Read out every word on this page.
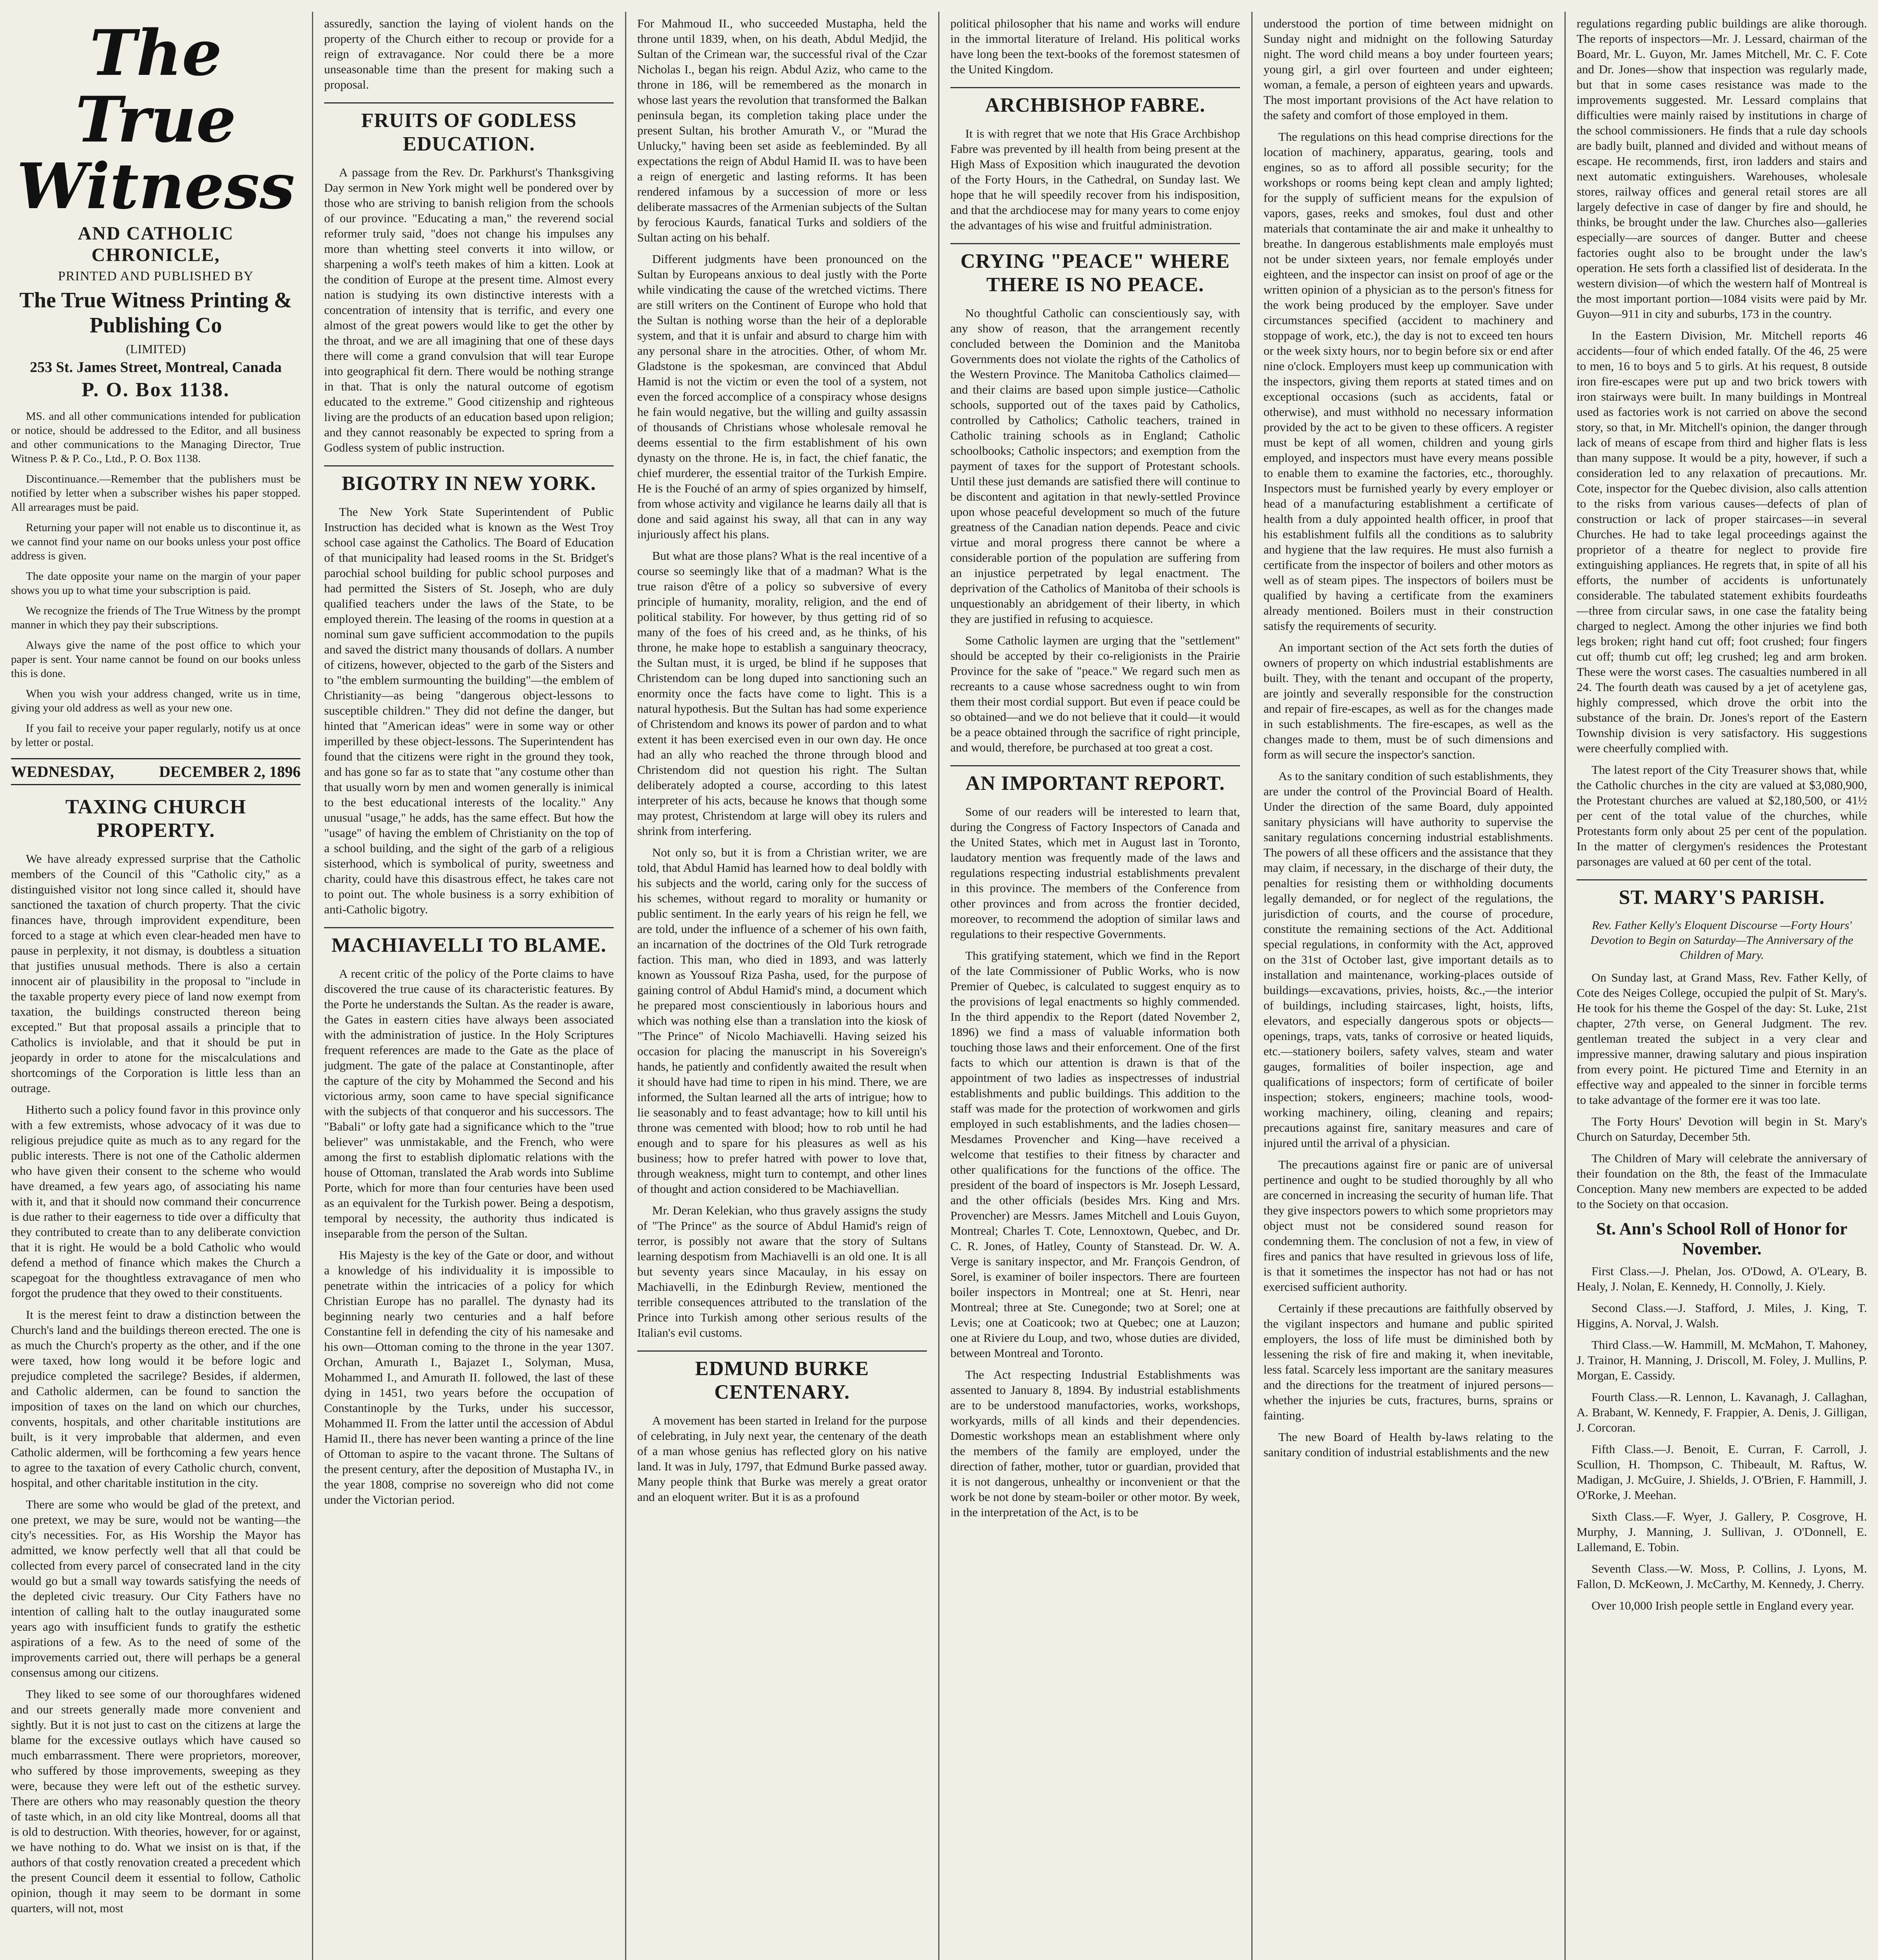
The True Witness
AND CATHOLIC CHRONICLE,
PRINTED AND PUBLISHED BY
The True Witness Printing & Publishing Co
(LIMITED)
253 St. James Street, Montreal, Canada
P. O. Box 1138.

MS. and all other communications intended for publication or notice, should be addressed to the Editor, and all business and other communications to the Managing Director, True Witness P. & P. Co., Ltd., P. O. Box 1138.

Discontinuance.—Remember that the publishers must be notified by letter when a subscriber wishes his paper stopped. All arrearages must be paid.

Returning your paper will not enable us to discontinue it, as we cannot find your name on our books unless your post office address is given.

The date opposite your name on the margin of your paper shows you up to what time your subscription is paid.

We recognize the friends of The True Witness by the prompt manner in which they pay their subscriptions.

Always give the name of the post office to which your paper is sent. Your name cannot be found on our books unless this is done.

When you wish your address changed, write us in time, giving your old address as well as your new one.

If you fail to receive your paper regularly, notify us at once by letter or postal.

WEDNESDAY,	DECEMBER 2, 1896
TAXING CHURCH PROPERTY.

We have already expressed surprise that the Catholic members of the Council of this "Catholic city," as a distinguished visitor not long since called it, should have sanctioned the taxation of church property. That the civic finances have, through improvident expenditure, been forced to a stage at which even clear-headed men have to pause in perplexity, it not dismay, is doubtless a situation that justifies unusual methods. There is also a certain innocent air of plausibility in the proposal to "include in the taxable property every piece of land now exempt from taxation, the buildings constructed thereon being excepted." But that proposal assails a principle that to Catholics is inviolable, and that it should be put in jeopardy in order to atone for the miscalculations and shortcomings of the Corporation is little less than an outrage.

Hitherto such a policy found favor in this province only with a few extremists, whose advocacy of it was due to religious prejudice quite as much as to any regard for the public interests. There is not one of the Catholic aldermen who have given their consent to the scheme who would have dreamed, a few years ago, of associating his name with it, and that it should now command their concurrence is due rather to their eagerness to tide over a difficulty that they contributed to create than to any deliberate conviction that it is right. He would be a bold Catholic who would defend a method of finance which makes the Church a scapegoat for the thoughtless extravagance of men who forgot the prudence that they owed to their constituents.

It is the merest feint to draw a distinction between the Church's land and the buildings thereon erected. The one is as much the Church's property as the other, and if the one were taxed, how long would it be before logic and prejudice completed the sacrilege? Besides, if aldermen, and Catholic aldermen, can be found to sanction the imposition of taxes on the land on which our churches, convents, hospitals, and other charitable institutions are built, is it very improbable that aldermen, and even Catholic aldermen, will be forthcoming a few years hence to agree to the taxation of every Catholic church, convent, hospital, and other charitable institution in the city.

There are some who would be glad of the pretext, and one pretext, we may be sure, would not be wanting—the city's necessities. For, as His Worship the Mayor has admitted, we know perfectly well that all that could be collected from every parcel of consecrated land in the city would go but a small way towards satisfying the needs of the depleted civic treasury. Our City Fathers have no intention of calling halt to the outlay inaugurated some years ago with insufficient funds to gratify the esthetic aspirations of a few. As to the need of some of the improvements carried out, there will perhaps be a general consensus among our citizens.

They liked to see some of our thoroughfares widened and our streets generally made more convenient and sightly. But it is not just to cast on the citizens at large the blame for the excessive outlays which have caused so much embarrassment. There were proprietors, moreover, who suffered by those improvements, sweeping as they were, because they were left out of the esthetic survey. There are others who may reasonably question the theory of taste which, in an old city like Montreal, dooms all that is old to destruction. With theories, however, for or against, we have nothing to do. What we insist on is that, if the authors of that costly renovation created a precedent which the present Council deem it essential to follow, Catholic opinion, though it may seem to be dormant in some quarters, will not, most

assuredly, sanction the laying of violent hands on the property of the Church either to recoup or provide for a reign of extravagance. Nor could there be a more unseasonable time than the present for making such a proposal.

FRUITS OF GODLESS EDUCATION.

A passage from the Rev. Dr. Parkhurst's Thanksgiving Day sermon in New York might well be pondered over by those who are striving to banish religion from the schools of our province. "Educating a man," the reverend social reformer truly said, "does not change his impulses any more than whetting steel converts it into willow, or sharpening a wolf's teeth makes of him a kitten. Look at the condition of Europe at the present time. Almost every nation is studying its own distinctive interests with a concentration of intensity that is terrific, and every one almost of the great powers would like to get the other by the throat, and we are all imagining that one of these days there will come a grand convulsion that will tear Europe into geographical fit dern. There would be nothing strange in that. That is only the natural outcome of egotism educated to the extreme." Good citizenship and righteous living are the products of an education based upon religion; and they cannot reasonably be expected to spring from a Godless system of public instruction.

BIGOTRY IN NEW YORK.

The New York State Superintendent of Public Instruction has decided what is known as the West Troy school case against the Catholics. The Board of Education of that municipality had leased rooms in the St. Bridget's parochial school building for public school purposes and had permitted the Sisters of St. Joseph, who are duly qualified teachers under the laws of the State, to be employed therein. The leasing of the rooms in question at a nominal sum gave sufficient accommodation to the pupils and saved the district many thousands of dollars. A number of citizens, however, objected to the garb of the Sisters and to "the emblem surmounting the building"—the emblem of Christianity—as being "dangerous object-lessons to susceptible children." They did not define the danger, but hinted that "American ideas" were in some way or other imperilled by these object-lessons. The Superintendent has found that the citizens were right in the ground they took, and has gone so far as to state that "any costume other than that usually worn by men and women generally is inimical to the best educational interests of the locality." Any unusual "usage," he adds, has the same effect. But how the "usage" of having the emblem of Christianity on the top of a school building, and the sight of the garb of a religious sisterhood, which is symbolical of purity, sweetness and charity, could have this disastrous effect, he takes care not to point out. The whole business is a sorry exhibition of anti-Catholic bigotry.

MACHIAVELLI TO BLAME.

A recent critic of the policy of the Porte claims to have discovered the true cause of its characteristic features. By the Porte he understands the Sultan. As the reader is aware, the Gates in eastern cities have always been associated with the administration of justice. In the Holy Scriptures frequent references are made to the Gate as the place of judgment. The gate of the palace at Constantinople, after the capture of the city by Mohammed the Second and his victorious army, soon came to have special significance with the subjects of that conqueror and his successors. The "Babali" or lofty gate had a significance which to the "true believer" was unmistakable, and the French, who were among the first to establish diplomatic relations with the house of Ottoman, translated the Arab words into Sublime Porte, which for more than four centuries have been used as an equivalent for the Turkish power. Being a despotism, temporal by necessity, the authority thus indicated is inseparable from the person of the Sultan.

His Majesty is the key of the Gate or door, and without a knowledge of his individuality it is impossible to penetrate within the intricacies of a policy for which Christian Europe has no parallel. The dynasty had its beginning nearly two centuries and a half before Constantine fell in defending the city of his namesake and his own—Ottoman coming to the throne in the year 1307. Orchan, Amurath I., Bajazet I., Solyman, Musa, Mohammed I., and Amurath II. followed, the last of these dying in 1451, two years before the occupation of Constantinople by the Turks, under his successor, Mohammed II. From the latter until the accession of Abdul Hamid II., there has never been wanting a prince of the line of Ottoman to aspire to the vacant throne. The Sultans of the present century, after the deposition of Mustapha IV., in the year 1808, comprise no sovereign who did not come under the Victorian period.

For Mahmoud II., who succeeded Mustapha, held the throne until 1839, when, on his death, Abdul Medjid, the Sultan of the Crimean war, the successful rival of the Czar Nicholas I., began his reign. Abdul Aziz, who came to the throne in 186, will be remembered as the monarch in whose last years the revolution that transformed the Balkan peninsula began, its completion taking place under the present Sultan, his brother Amurath V., or "Murad the Unlucky," having been set aside as feebleminded. By all expectations the reign of Abdul Hamid II. was to have been a reign of energetic and lasting reforms. It has been rendered infamous by a succession of more or less deliberate massacres of the Armenian subjects of the Sultan by ferocious Kaurds, fanatical Turks and soldiers of the Sultan acting on his behalf.

Different judgments have been pronounced on the Sultan by Europeans anxious to deal justly with the Porte while vindicating the cause of the wretched victims. There are still writers on the Continent of Europe who hold that the Sultan is nothing worse than the heir of a deplorable system, and that it is unfair and absurd to charge him with any personal share in the atrocities. Other, of whom Mr. Gladstone is the spokesman, are convinced that Abdul Hamid is not the victim or even the tool of a system, not even the forced accomplice of a conspiracy whose designs he fain would negative, but the willing and guilty assassin of thousands of Christians whose wholesale removal he deems essential to the firm establishment of his own dynasty on the throne. He is, in fact, the chief fanatic, the chief murderer, the essential traitor of the Turkish Empire. He is the Fouché of an army of spies organized by himself, from whose activity and vigilance he learns daily all that is done and said against his sway, all that can in any way injuriously affect his plans.

But what are those plans? What is the real incentive of a course so seemingly like that of a madman? What is the true raison d'être of a policy so subversive of every principle of humanity, morality, religion, and the end of political stability. For however, by thus getting rid of so many of the foes of his creed and, as he thinks, of his throne, he make hope to establish a sanguinary theocracy, the Sultan must, it is urged, be blind if he supposes that Christendom can be long duped into sanctioning such an enormity once the facts have come to light. This is a natural hypothesis. But the Sultan has had some experience of Christendom and knows its power of pardon and to what extent it has been exercised even in our own day. He once had an ally who reached the throne through blood and Christendom did not question his right. The Sultan deliberately adopted a course, according to this latest interpreter of his acts, because he knows that though some may protest, Christendom at large will obey its rulers and shrink from interfering.

Not only so, but it is from a Christian writer, we are told, that Abdul Hamid has learned how to deal boldly with his subjects and the world, caring only for the success of his schemes, without regard to morality or humanity or public sentiment. In the early years of his reign he fell, we are told, under the influence of a schemer of his own faith, an incarnation of the doctrines of the Old Turk retrograde faction. This man, who died in 1893, and was latterly known as Youssouf Riza Pasha, used, for the purpose of gaining control of Abdul Hamid's mind, a document which he prepared most conscientiously in laborious hours and which was nothing else than a translation into the kiosk of "The Prince" of Nicolo Machiavelli. Having seized his occasion for placing the manuscript in his Sovereign's hands, he patiently and confidently awaited the result when it should have had time to ripen in his mind. There, we are informed, the Sultan learned all the arts of intrigue; how to lie seasonably and to feast advantage; how to kill until his throne was cemented with blood; how to rob until he had enough and to spare for his pleasures as well as his business; how to prefer hatred with power to love that, through weakness, might turn to contempt, and other lines of thought and action considered to be Machiavellian.

Mr. Deran Kelekian, who thus gravely assigns the study of "The Prince" as the source of Abdul Hamid's reign of terror, is possibly not aware that the story of Sultans learning despotism from Machiavelli is an old one. It is all but seventy years since Macaulay, in his essay on Machiavelli, in the Edinburgh Review, mentioned the terrible consequences attributed to the translation of the Prince into Turkish among other serious results of the Italian's evil customs.

EDMUND BURKE CENTENARY.

A movement has been started in Ireland for the purpose of celebrating, in July next year, the centenary of the death of a man whose genius has reflected glory on his native land. It was in July, 1797, that Edmund Burke passed away. Many people think that Burke was merely a great orator and an eloquent writer. But it is as a profound

political philosopher that his name and works will endure in the immortal literature of Ireland. His political works have long been the text-books of the foremost statesmen of the United Kingdom.

ARCHBISHOP FABRE.

It is with regret that we note that His Grace Archbishop Fabre was prevented by ill health from being present at the High Mass of Exposition which inaugurated the devotion of the Forty Hours, in the Cathedral, on Sunday last. We hope that he will speedily recover from his indisposition, and that the archdiocese may for many years to come enjoy the advantages of his wise and fruitful administration.

CRYING "PEACE" WHERE THERE IS NO PEACE.

No thoughtful Catholic can conscientiously say, with any show of reason, that the arrangement recently concluded between the Dominion and the Manitoba Governments does not violate the rights of the Catholics of the Western Province. The Manitoba Catholics claimed—and their claims are based upon simple justice—Catholic schools, supported out of the taxes paid by Catholics, controlled by Catholics; Catholic teachers, trained in Catholic training schools as in England; Catholic schoolbooks; Catholic inspectors; and exemption from the payment of taxes for the support of Protestant schools. Until these just demands are satisfied there will continue to be discontent and agitation in that newly-settled Province upon whose peaceful development so much of the future greatness of the Canadian nation depends. Peace and civic virtue and moral progress there cannot be where a considerable portion of the population are suffering from an injustice perpetrated by legal enactment. The deprivation of the Catholics of Manitoba of their schools is unquestionably an abridgement of their liberty, in which they are justified in refusing to acquiesce.

Some Catholic laymen are urging that the "settlement" should be accepted by their co-religionists in the Prairie Province for the sake of "peace." We regard such men as recreants to a cause whose sacredness ought to win from them their most cordial support. But even if peace could be so obtained—and we do not believe that it could—it would be a peace obtained through the sacrifice of right principle, and would, therefore, be purchased at too great a cost.

AN IMPORTANT REPORT.

Some of our readers will be interested to learn that, during the Congress of Factory Inspectors of Canada and the United States, which met in August last in Toronto, laudatory mention was frequently made of the laws and regulations respecting industrial establishments prevalent in this province. The members of the Conference from other provinces and from across the frontier decided, moreover, to recommend the adoption of similar laws and regulations to their respective Governments.

This gratifying statement, which we find in the Report of the late Commissioner of Public Works, who is now Premier of Quebec, is calculated to suggest enquiry as to the provisions of legal enactments so highly commended. In the third appendix to the Report (dated November 2, 1896) we find a mass of valuable information both touching those laws and their enforcement. One of the first facts to which our attention is drawn is that of the appointment of two ladies as inspectresses of industrial establishments and public buildings. This addition to the staff was made for the protection of workwomen and girls employed in such establishments, and the ladies chosen—Mesdames Provencher and King—have received a welcome that testifies to their fitness by character and other qualifications for the functions of the office. The president of the board of inspectors is Mr. Joseph Lessard, and the other officials (besides Mrs. King and Mrs. Provencher) are Messrs. James Mitchell and Louis Guyon, Montreal; Charles T. Cote, Lennoxtown, Quebec, and Dr. C. R. Jones, of Hatley, County of Stanstead. Dr. W. A. Verge is sanitary inspector, and Mr. François Gendron, of Sorel, is examiner of boiler inspectors. There are fourteen boiler inspectors in Montreal; one at St. Henri, near Montreal; three at Ste. Cunegonde; two at Sorel; one at Levis; one at Coaticook; two at Quebec; one at Lauzon; one at Riviere du Loup, and two, whose duties are divided, between Montreal and Toronto.

The Act respecting Industrial Establishments was assented to January 8, 1894. By industrial establishments are to be understood manufactories, works, workshops, workyards, mills of all kinds and their dependencies. Domestic workshops mean an establishment where only the members of the family are employed, under the direction of father, mother, tutor or guardian, provided that it is not dangerous, unhealthy or inconvenient or that the work be not done by steam-boiler or other motor. By week, in the interpretation of the Act, is to be

understood the portion of time between midnight on Sunday night and midnight on the following Saturday night. The word child means a boy under fourteen years; young girl, a girl over fourteen and under eighteen; woman, a female, a person of eighteen years and upwards. The most important provisions of the Act have relation to the safety and comfort of those employed in them.

The regulations on this head comprise directions for the location of machinery, apparatus, gearing, tools and engines, so as to afford all possible security; for the workshops or rooms being kept clean and amply lighted; for the supply of sufficient means for the expulsion of vapors, gases, reeks and smokes, foul dust and other materials that contaminate the air and make it unhealthy to breathe. In dangerous establishments male employés must not be under sixteen years, nor female employés under eighteen, and the inspector can insist on proof of age or the written opinion of a physician as to the person's fitness for the work being produced by the employer. Save under circumstances specified (accident to machinery and stoppage of work, etc.), the day is not to exceed ten hours or the week sixty hours, nor to begin before six or end after nine o'clock. Employers must keep up communication with the inspectors, giving them reports at stated times and on exceptional occasions (such as accidents, fatal or otherwise), and must withhold no necessary information provided by the act to be given to these officers. A register must be kept of all women, children and young girls employed, and inspectors must have every means possible to enable them to examine the factories, etc., thoroughly. Inspectors must be furnished yearly by every employer or head of a manufacturing establishment a certificate of health from a duly appointed health officer, in proof that his establishment fulfils all the conditions as to salubrity and hygiene that the law requires. He must also furnish a certificate from the inspector of boilers and other motors as well as of steam pipes. The inspectors of boilers must be qualified by having a certificate from the examiners already mentioned. Boilers must in their construction satisfy the requirements of security.

An important section of the Act sets forth the duties of owners of property on which industrial establishments are built. They, with the tenant and occupant of the property, are jointly and severally responsible for the construction and repair of fire-escapes, as well as for the changes made in such establishments. The fire-escapes, as well as the changes made to them, must be of such dimensions and form as will secure the inspector's sanction.

As to the sanitary condition of such establishments, they are under the control of the Provincial Board of Health. Under the direction of the same Board, duly appointed sanitary physicians will have authority to supervise the sanitary regulations concerning industrial establishments. The powers of all these officers and the assistance that they may claim, if necessary, in the discharge of their duty, the penalties for resisting them or withholding documents legally demanded, or for neglect of the regulations, the jurisdiction of courts, and the course of procedure, constitute the remaining sections of the Act. Additional special regulations, in conformity with the Act, approved on the 31st of October last, give important details as to installation and maintenance, working-places outside of buildings—excavations, privies, hoists, &c.,—the interior of buildings, including staircases, light, hoists, lifts, elevators, and especially dangerous spots or objects—openings, traps, vats, tanks of corrosive or heated liquids, etc.—stationery boilers, safety valves, steam and water gauges, formalities of boiler inspection, age and qualifications of inspectors; form of certificate of boiler inspection; stokers, engineers; machine tools, wood-working machinery, oiling, cleaning and repairs; precautions against fire, sanitary measures and care of injured until the arrival of a physician.

The precautions against fire or panic are of universal pertinence and ought to be studied thoroughly by all who are concerned in increasing the security of human life. That they give inspectors powers to which some proprietors may object must not be considered sound reason for condemning them. The conclusion of not a few, in view of fires and panics that have resulted in grievous loss of life, is that it sometimes the inspector has not had or has not exercised sufficient authority.

Certainly if these precautions are faithfully observed by the vigilant inspectors and humane and public spirited employers, the loss of life must be diminished both by lessening the risk of fire and making it, when inevitable, less fatal. Scarcely less important are the sanitary measures and the directions for the treatment of injured persons—whether the injuries be cuts, fractures, burns, sprains or fainting.

The new Board of Health by-laws relating to the sanitary condition of industrial establishments and the new

regulations regarding public buildings are alike thorough. The reports of inspectors—Mr. J. Lessard, chairman of the Board, Mr. L. Guyon, Mr. James Mitchell, Mr. C. F. Cote and Dr. Jones—show that inspection was regularly made, but that in some cases resistance was made to the improvements suggested. Mr. Lessard complains that difficulties were mainly raised by institutions in charge of the school commissioners. He finds that a rule day schools are badly built, planned and divided and without means of escape. He recommends, first, iron ladders and stairs and next automatic extinguishers. Warehouses, wholesale stores, railway offices and general retail stores are all largely defective in case of danger by fire and should, he thinks, be brought under the law. Churches also—galleries especially—are sources of danger. Butter and cheese factories ought also to be brought under the law's operation. He sets forth a classified list of desiderata. In the western division—of which the western half of Montreal is the most important portion—1084 visits were paid by Mr. Guyon—911 in city and suburbs, 173 in the country.

In the Eastern Division, Mr. Mitchell reports 46 accidents—four of which ended fatally. Of the 46, 25 were to men, 16 to boys and 5 to girls. At his request, 8 outside iron fire-escapes were put up and two brick towers with iron stairways were built. In many buildings in Montreal used as factories work is not carried on above the second story, so that, in Mr. Mitchell's opinion, the danger through lack of means of escape from third and higher flats is less than many suppose. It would be a pity, however, if such a consideration led to any relaxation of precautions. Mr. Cote, inspector for the Quebec division, also calls attention to the risks from various causes—defects of plan of construction or lack of proper staircases—in several Churches. He had to take legal proceedings against the proprietor of a theatre for neglect to provide fire extinguishing appliances. He regrets that, in spite of all his efforts, the number of accidents is unfortunately considerable. The tabulated statement exhibits fourdeaths—three from circular saws, in one case the fatality being charged to neglect. Among the other injuries we find both legs broken; right hand cut off; foot crushed; four fingers cut off; thumb cut off; leg crushed; leg and arm broken. These were the worst cases. The casualties numbered in all 24. The fourth death was caused by a jet of acetylene gas, highly compressed, which drove the orbit into the substance of the brain. Dr. Jones's report of the Eastern Township division is very satisfactory. His suggestions were cheerfully complied with.

The latest report of the City Treasurer shows that, while the Catholic churches in the city are valued at $3,080,900, the Protestant churches are valued at $2,180,500, or 41½ per cent of the total value of the churches, while Protestants form only about 25 per cent of the population. In the matter of clergymen's residences the Protestant parsonages are valued at 60 per cent of the total.

ST. MARY'S PARISH.
Rev. Father Kelly's Eloquent Discourse —Forty Hours' Devotion to Begin on Saturday—The Anniversary of the Children of Mary.

On Sunday last, at Grand Mass, Rev. Father Kelly, of Cote des Neiges College, occupied the pulpit of St. Mary's. He took for his theme the Gospel of the day: St. Luke, 21st chapter, 27th verse, on General Judgment. The rev. gentleman treated the subject in a very clear and impressive manner, drawing salutary and pious inspiration from every point. He pictured Time and Eternity in an effective way and appealed to the sinner in forcible terms to take advantage of the former ere it was too late.

The Forty Hours' Devotion will begin in St. Mary's Church on Saturday, December 5th.

The Children of Mary will celebrate the anniversary of their foundation on the 8th, the feast of the Immaculate Conception. Many new members are expected to be added to the Society on that occasion.

St. Ann's School Roll of Honor for November.

First Class.—J. Phelan, Jos. O'Dowd, A. O'Leary, B. Healy, J. Nolan, E. Kennedy, H. Connolly, J. Kiely.

Second Class.—J. Stafford, J. Miles, J. King, T. Higgins, A. Norval, J. Walsh.

Third Class.—W. Hammill, M. McMahon, T. Mahoney, J. Trainor, H. Manning, J. Driscoll, M. Foley, J. Mullins, P. Morgan, E. Cassidy.

Fourth Class.—R. Lennon, L. Kavanagh, J. Callaghan, A. Brabant, W. Kennedy, F. Frappier, A. Denis, J. Gilligan, J. Corcoran.

Fifth Class.—J. Benoit, E. Curran, F. Carroll, J. Scullion, H. Thompson, C. Thibeault, M. Raftus, W. Madigan, J. McGuire, J. Shields, J. O'Brien, F. Hammill, J. O'Rorke, J. Meehan.

Sixth Class.—F. Wyer, J. Gallery, P. Cosgrove, H. Murphy, J. Manning, J. Sullivan, J. O'Donnell, E. Lallemand, E. Tobin.

Seventh Class.—W. Moss, P. Collins, J. Lyons, M. Fallon, D. McKeown, J. McCarthy, M. Kennedy, J. Cherry.

Over 10,000 Irish people settle in England every year.
